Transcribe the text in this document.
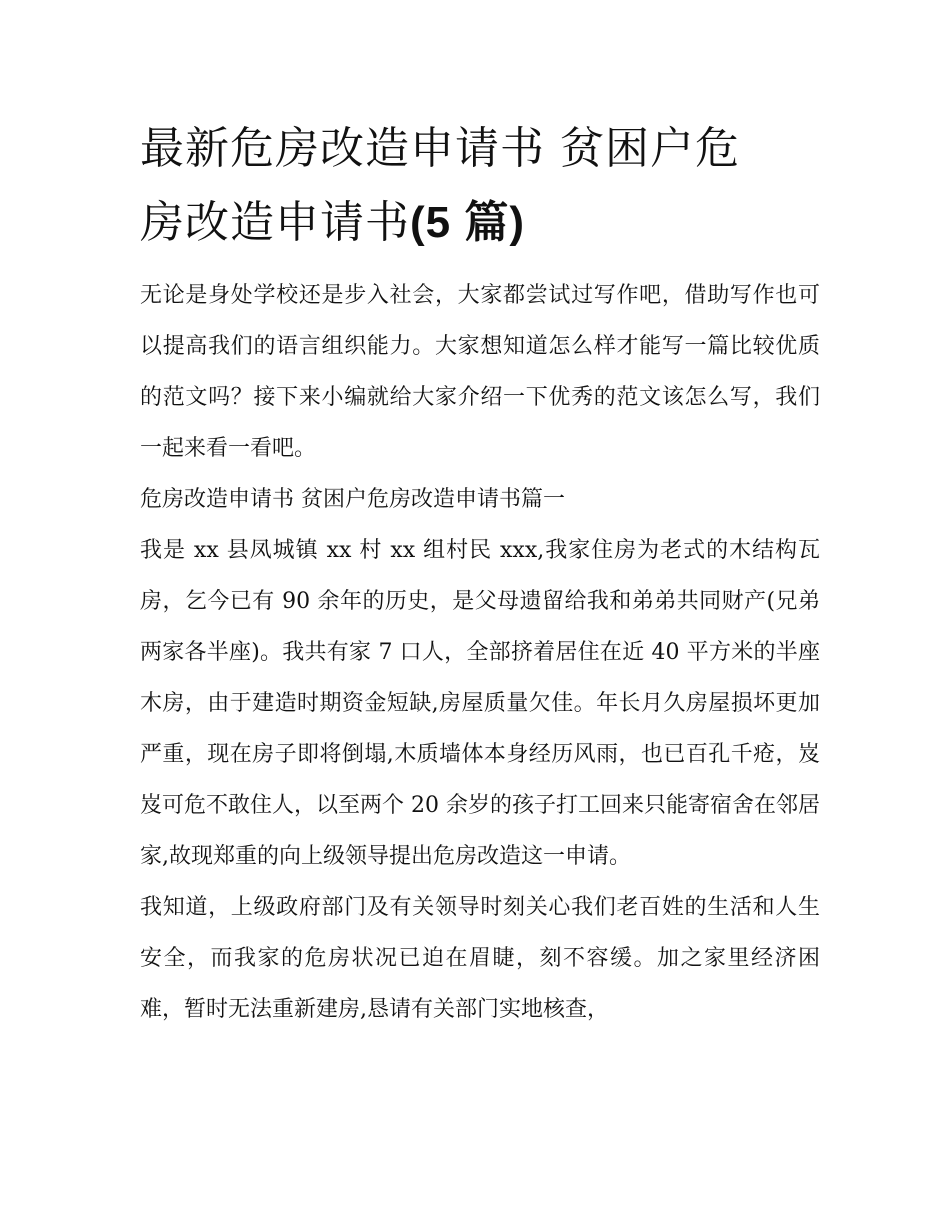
最新危房改造申请书 贫困户危
房改造申请书(5 篇)

无论是身处学校还是步入社会，大家都尝试过写作吧，借助写作也可以提高我们的语言组织能力。大家想知道怎么样才能写一篇比较优质的范文吗？接下来小编就给大家介绍一下优秀的范文该怎么写，我们一起来看一看吧。

危房改造申请书 贫困户危房改造申请书篇一

我是 xx 县凤城镇 xx 村 xx 组村民 xxx,我家住房为老式的木结构瓦房，乞今已有 90 余年的历史，是父母遗留给我和弟弟共同财产(兄弟两家各半座)。我共有家 7 口人，全部挤着居住在近 40 平方米的半座木房，由于建造时期资金短缺,房屋质量欠佳。年长月久房屋损坏更加严重，现在房子即将倒塌,木质墙体本身经历风雨，也已百孔千疮，岌岌可危不敢住人，以至两个 20 余岁的孩子打工回来只能寄宿舍在邻居家,故现郑重的向上级领导提出危房改造这一申请。

我知道，上级政府部门及有关领导时刻关心我们老百姓的生活和人生安全，而我家的危房状况已迫在眉睫，刻不容缓。加之家里经济困难，暂时无法重新建房,恳请有关部门实地核查，
